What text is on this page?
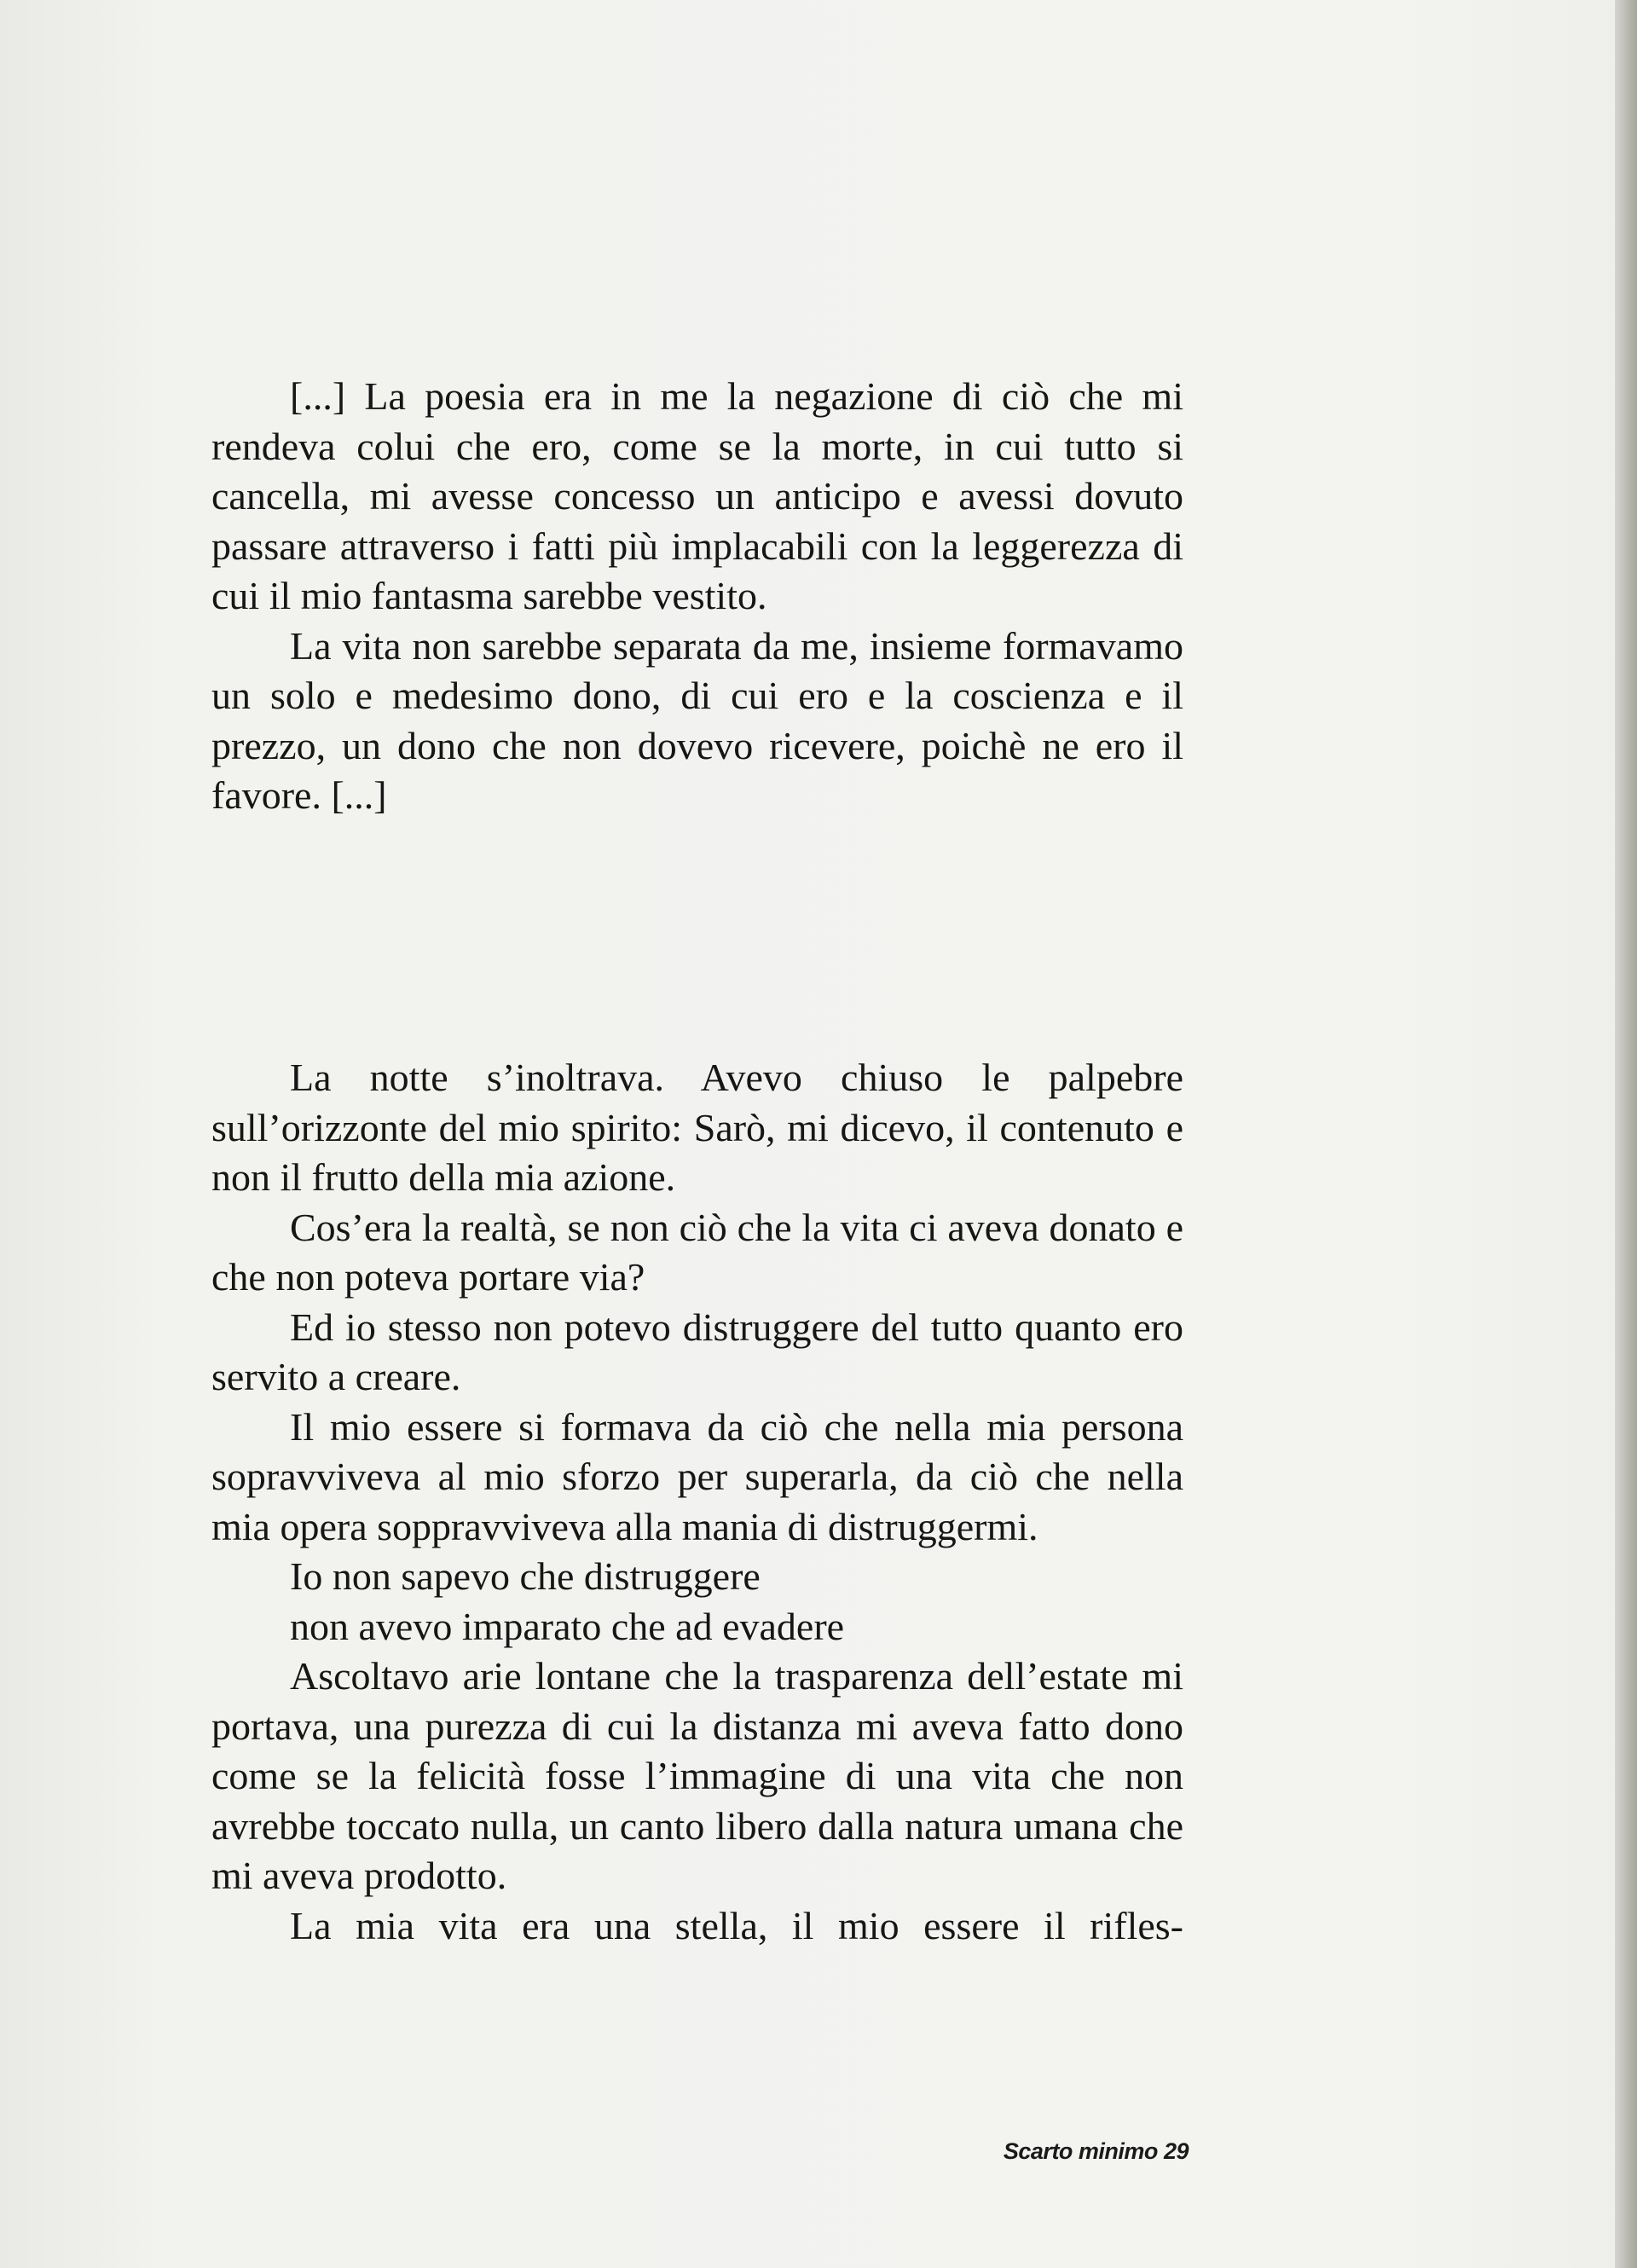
[...] La poesia era in me la negazione di ciò che mi rendeva colui che ero, come se la morte, in cui tutto si cancella, mi avesse concesso un anticipo e avessi dovuto passare attraverso i fatti più implacabili con la leggerezza di cui il mio fantasma sarebbe vestito.

La vita non sarebbe separata da me, insieme formavamo un solo e medesimo dono, di cui ero e la coscienza e il prezzo, un dono che non dovevo ricevere, poichè ne ero il favore. [...]

La notte s’inoltrava. Avevo chiuso le palpebre sull’orizzonte del mio spirito: Sarò, mi dicevo, il contenuto e non il frutto della mia azione.

Cos’era la realtà, se non ciò che la vita ci aveva donato e che non poteva portare via?

Ed io stesso non potevo distruggere del tutto quanto ero servito a creare.

Il mio essere si formava da ciò che nella mia persona sopravviveva al mio sforzo per superarla, da ciò che nella mia opera soppravviveva alla mania di distruggermi.

Io non sapevo che distruggere

non avevo imparato che ad evadere

Ascoltavo arie lontane che la trasparenza dell’estate mi portava, una purezza di cui la distanza mi aveva fatto dono come se la felicità fosse l’immagine di una vita che non avrebbe toccato nulla, un canto libero dalla natura umana che mi aveva prodotto.

La mia vita era una stella, il mio essere il rifles-

Scarto minimo 29
